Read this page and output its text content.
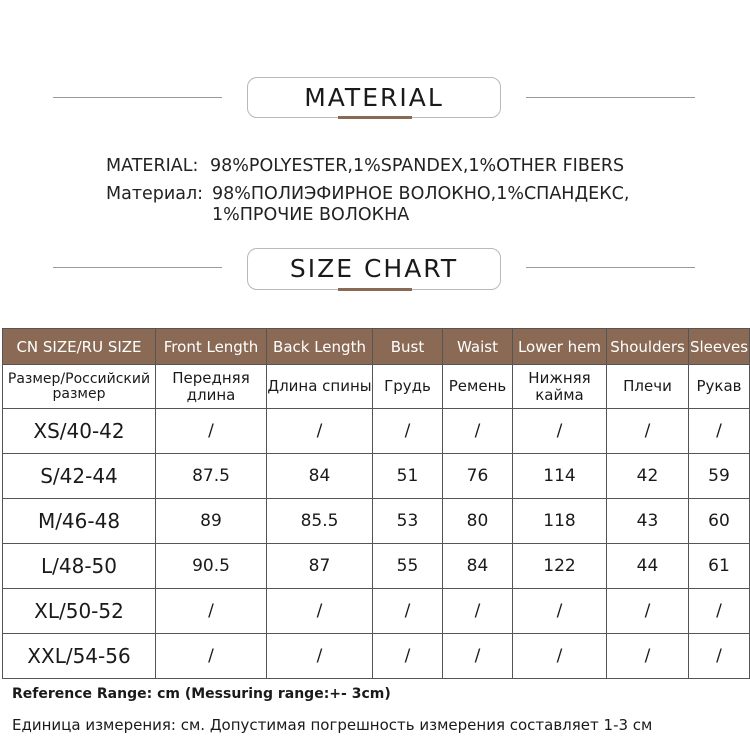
MATERIAL
MATERIAL: 98%POLYESTER,1%SPANDEX,1%OTHER FIBERS
Материал: 98%ПОЛИЭФИРНОЕ ВОЛОКНО,1%СПАНДЕКС,
1%ПРОЧИЕ ВОЛОКНА
SIZE CHART
CN SIZE/RU SIZE	Front Length	Back Length	Bust	Waist	Lower hem	Shoulders	Sleeves
Размер/Российский размер	Передняя длина	Длина спины	Грудь	Ремень	Нижняя кайма	Плечи	Рукав
XS/40-42	/	/	/	/	/	/	/
S/42-44	87.5	84	51	76	114	42	59
M/46-48	89	85.5	53	80	118	43	60
L/48-50	90.5	87	55	84	122	44	61
XL/50-52	/	/	/	/	/	/	/
XXL/54-56	/	/	/	/	/	/	/
Reference Range: cm (Messuring range:+- 3cm)
Единица измерения: см. Допустимая погрешность измерения составляет 1-3 см
